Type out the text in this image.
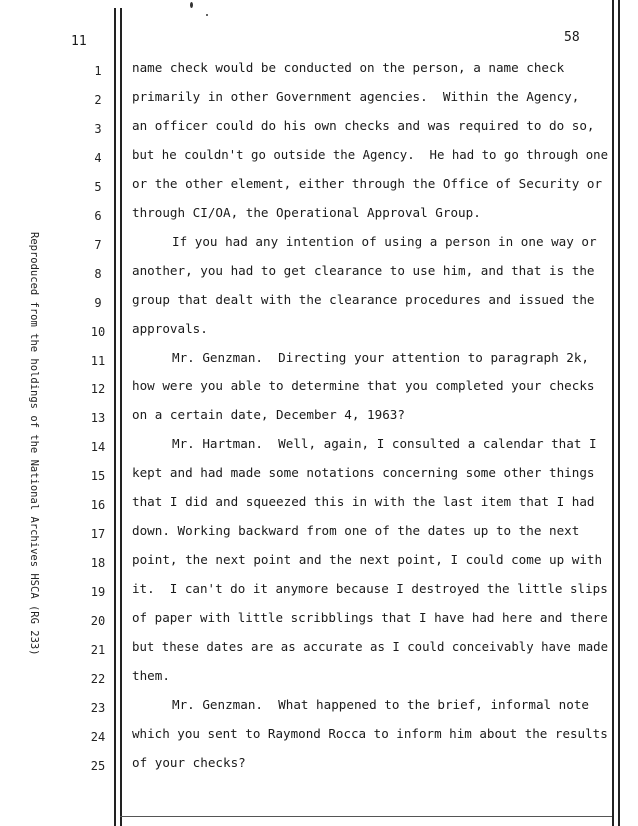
11	58
Reproduced from the holdings of the National Archives HSCA (RG 233)
1	name check would be conducted on the person, a name check
2	primarily in other Government agencies.  Within the Agency,
3	an officer could do his own checks and was required to do so,
4	but he couldn't go outside the Agency.  He had to go through one
5	or the other element, either through the Office of Security or
6	through CI/OA, the Operational Approval Group.
7	If you had any intention of using a person in one way or
8	another, you had to get clearance to use him, and that is the
9	group that dealt with the clearance procedures and issued the
10	approvals.
11	Mr. Genzman.  Directing your attention to paragraph 2k,
12	how were you able to determine that you completed your checks
13	on a certain date, December 4, 1963?
14	Mr. Hartman.  Well, again, I consulted a calendar that I
15	kept and had made some notations concerning some other things
16	that I did and squeezed this in with the last item that I had
17	down. Working backward from one of the dates up to the next
18	point, the next point and the next point, I could come up with
19	it.  I can't do it anymore because I destroyed the little slips
20	of paper with little scribblings that I have had here and there
21	but these dates are as accurate as I could conceivably have made
22	them.
23	Mr. Genzman.  What happened to the brief, informal note
24	which you sent to Raymond Rocca to inform him about the results
25	of your checks?
